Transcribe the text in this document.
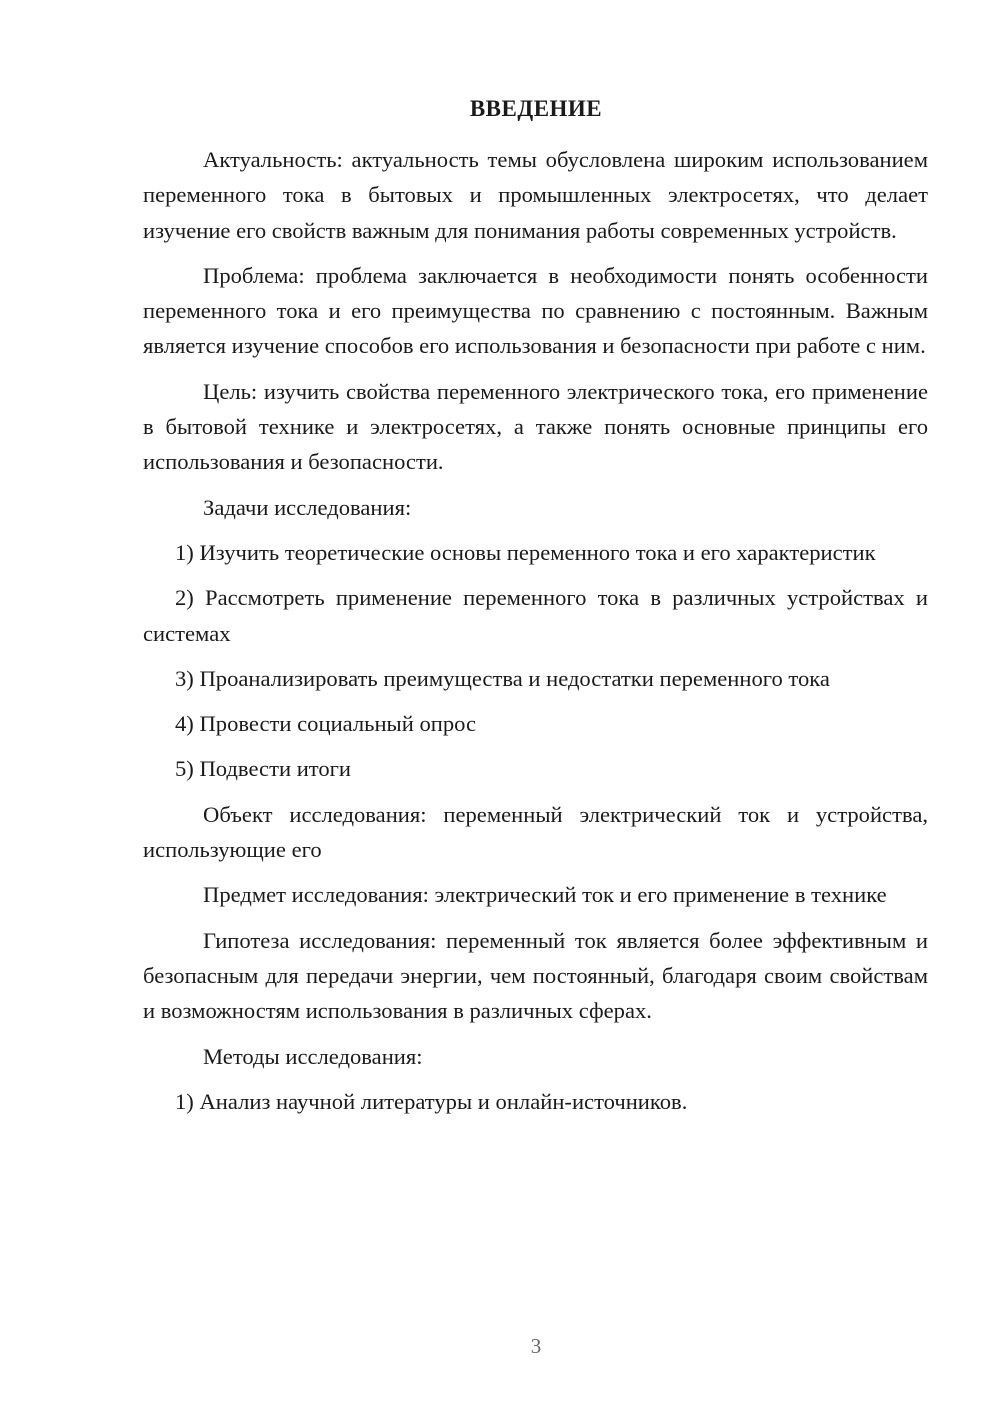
ВВЕДЕНИЕ

Актуальность: актуальность темы обусловлена широким использованием переменного тока в бытовых и промышленных электросетях, что делает изучение его свойств важным для понимания работы современных устройств.

Проблема: проблема заключается в необходимости понять особенности переменного тока и его преимущества по сравнению с постоянным. Важным является изучение способов его использования и безопасности при работе с ним.

Цель: изучить свойства переменного электрического тока, его применение в бытовой технике и электросетях, а также понять основные принципы его использования и безопасности.

Задачи исследования:

1) Изучить теоретические основы переменного тока и его характеристик

2) Рассмотреть применение переменного тока в различных устройствах и системах

3) Проанализировать преимущества и недостатки переменного тока

4) Провести социальный опрос

5) Подвести итоги

Объект исследования: переменный электрический ток и устройства, использующие его

Предмет исследования: электрический ток и его применение в технике

Гипотеза исследования: переменный ток является более эффективным и безопасным для передачи энергии, чем постоянный, благодаря своим свойствам и возможностям использования в различных сферах.

Методы исследования:

1) Анализ научной литературы и онлайн-источников.

3
